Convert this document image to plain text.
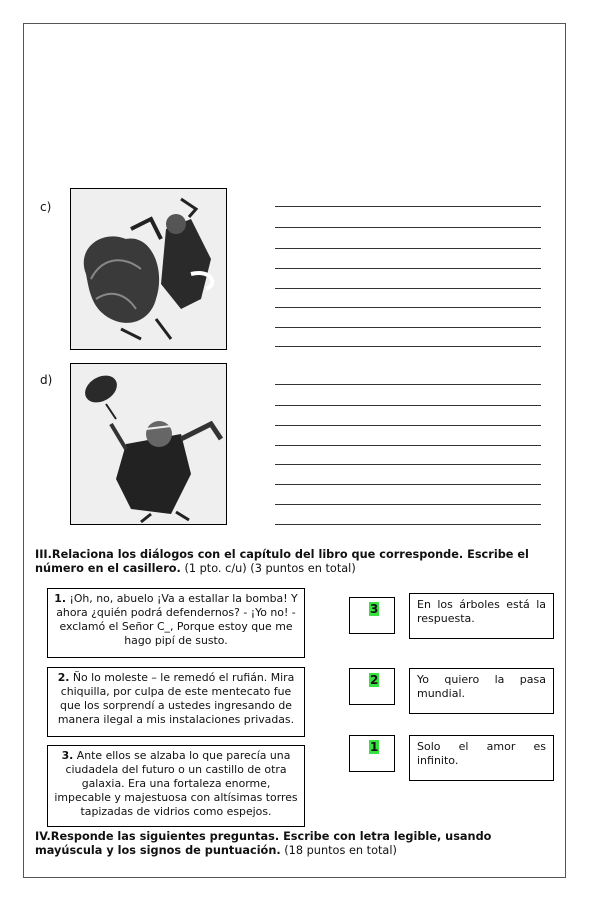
c)
d)
III.Relaciona los diálogos con el capítulo del libro que corresponde. Escribe el número en el casillero. (1 pto. c/u) (3 puntos en total)
1. ¡Oh, no, abuelo ¡Va a estallar la bomba! Y ahora ¿quién podrá defendernos? - ¡Yo no! - exclamó el Señor C_, Porque estoy que me hago pipí de susto.
2. Ño lo moleste – le remedó el rufián. Mira chiquilla, por culpa de este mentecato fue que los sorprendí a ustedes ingresando de manera ilegal a mis instalaciones privadas.
3. Ante ellos se alzaba lo que parecía una ciudadela del futuro o un castillo de otra galaxia. Era una fortaleza enorme, impecable y majestuosa con altísimas torres tapizadas de vidrios como espejos.
3
2
1
En los árboles está la respuesta.
Yo quiero la pasa mundial.
Solo el amor es infinito.
IV.Responde las siguientes preguntas. Escribe con letra legible, usando mayúscula y los signos de puntuación. (18 puntos en total)
